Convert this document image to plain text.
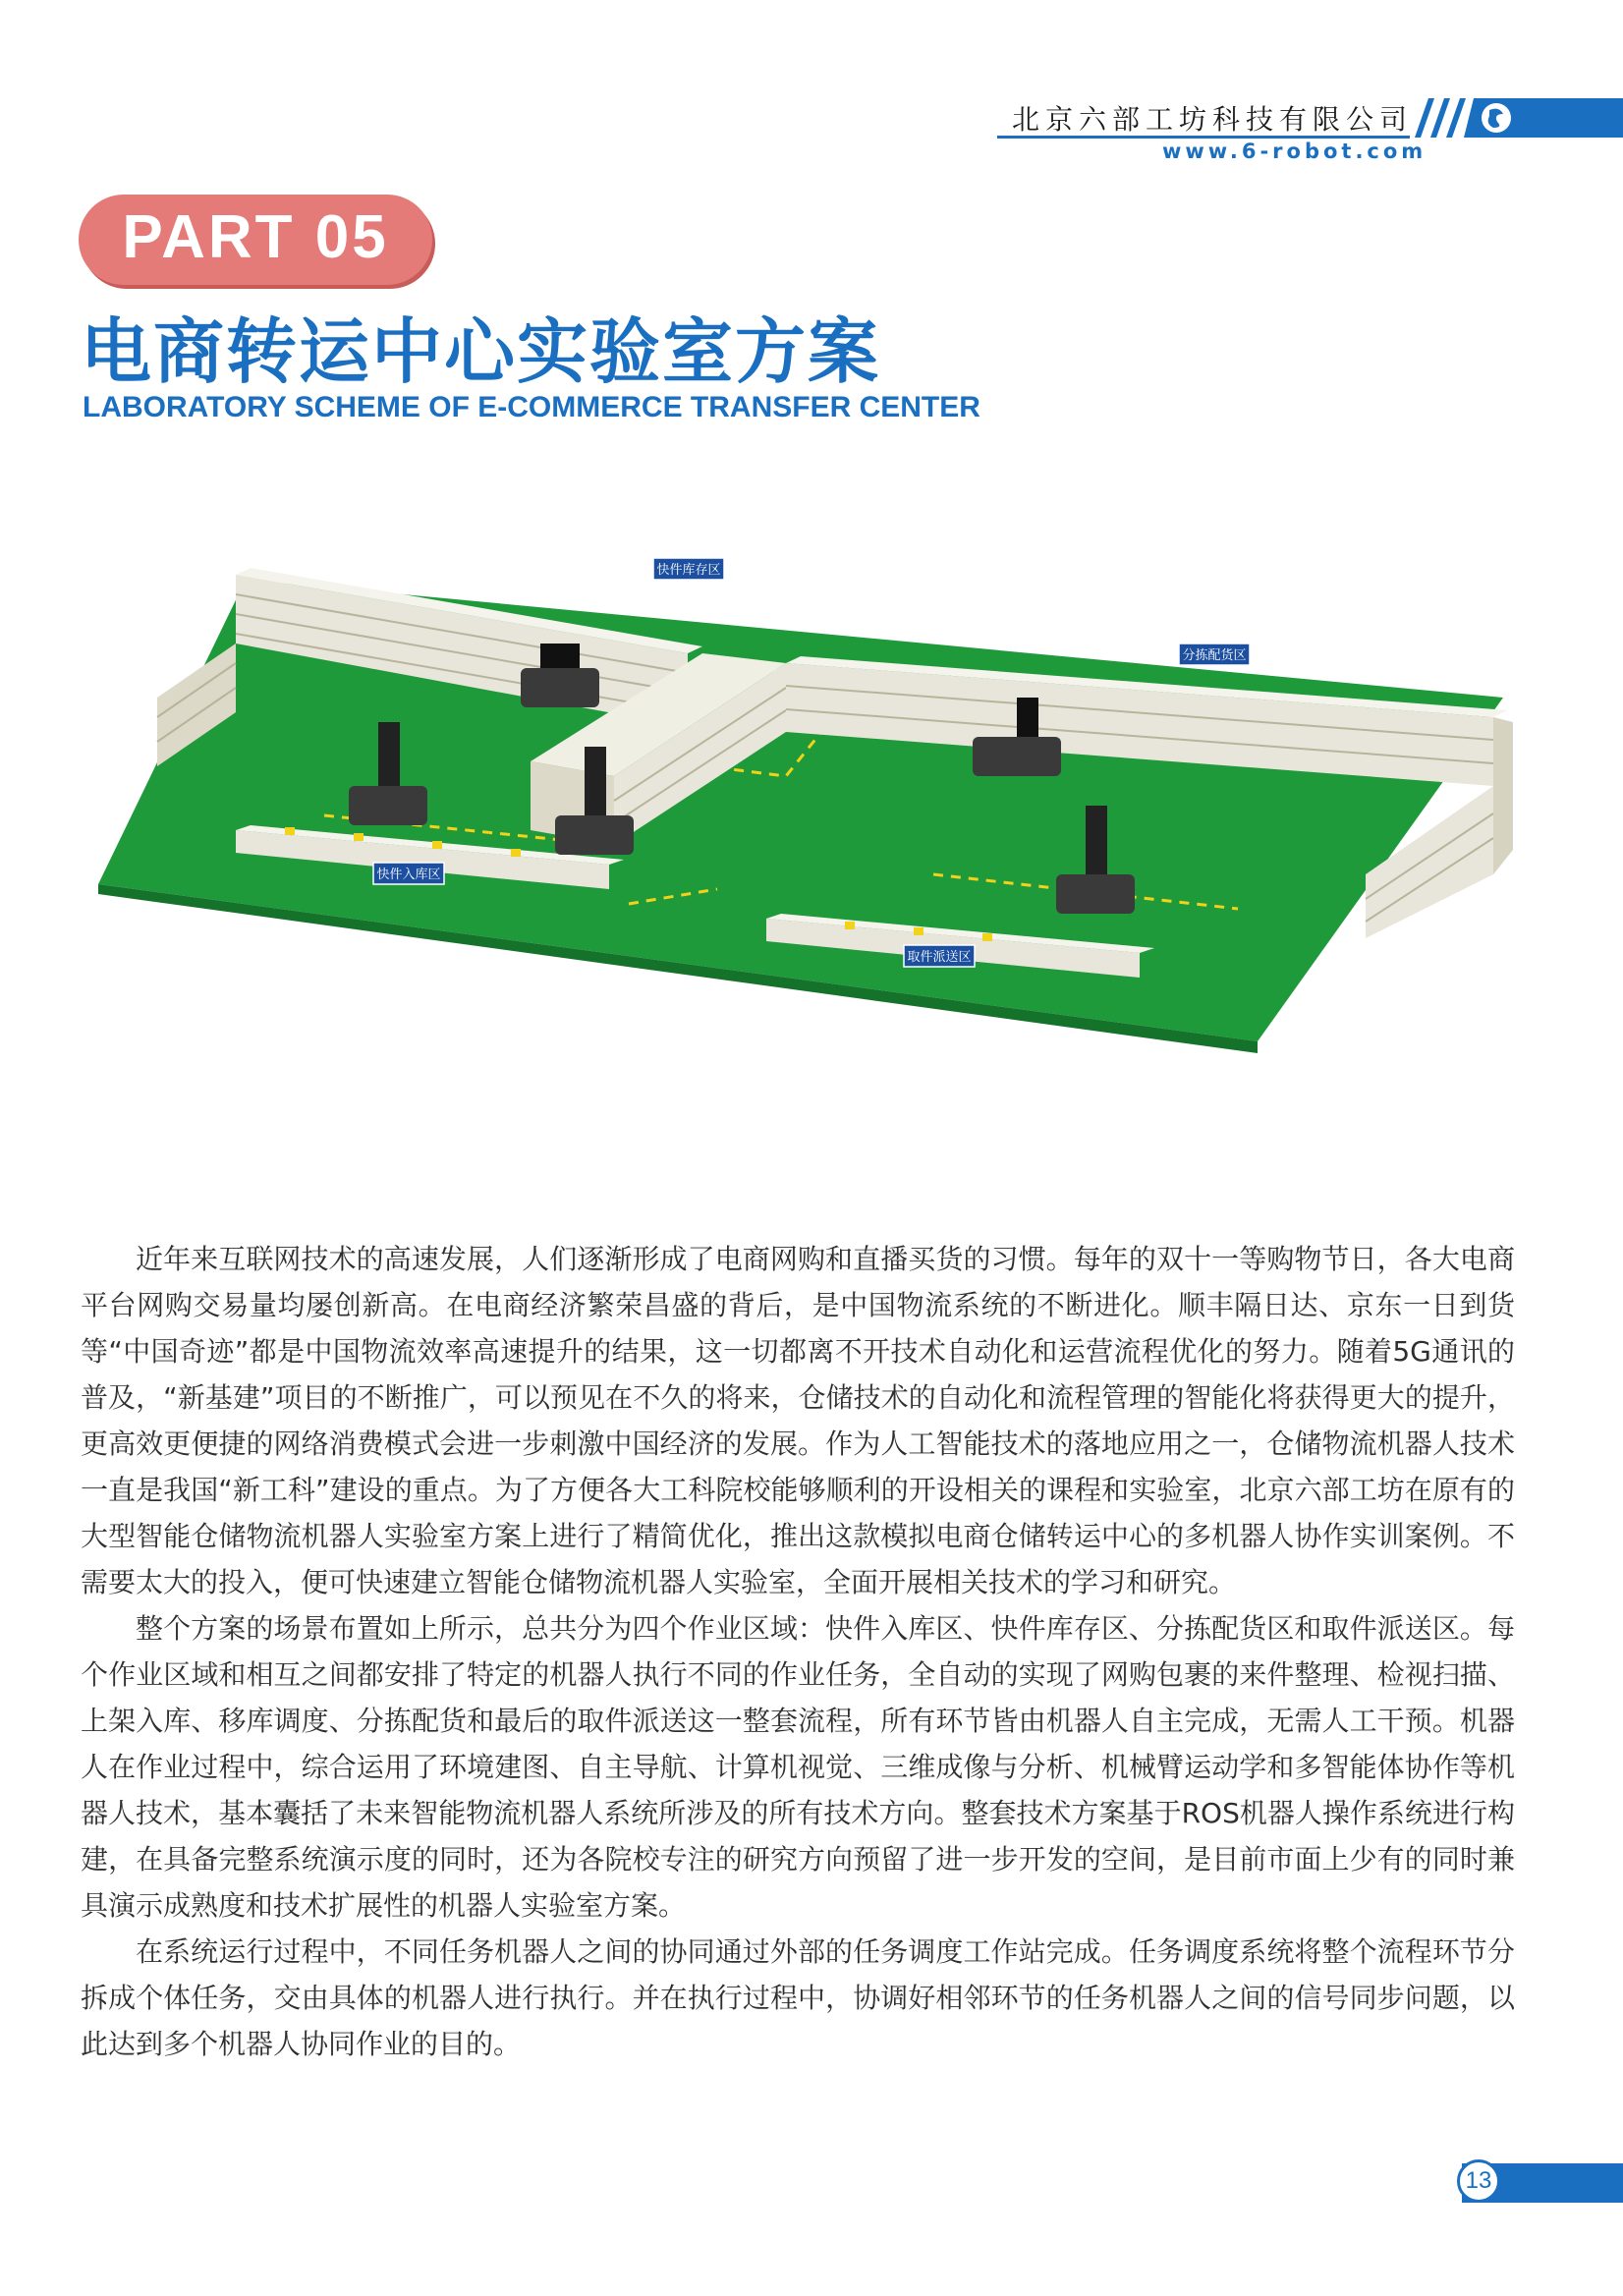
北京六部工坊科技有限公司
www.6-robot.com
PART 05
电商转运中心实验室方案
LABORATORY SCHEME OF E-COMMERCE TRANSFER CENTER
快件库存区
分拣配货区
快件入库区
取件派送区

近年来互联网技术的高速发展，人们逐渐形成了电商网购和直播买货的习惯。每年的双十一等购物节日，各大电商平台网购交易量均屡创新高。在电商经济繁荣昌盛的背后，是中国物流系统的不断进化。顺丰隔日达、京东一日到货等“中国奇迹”都是中国物流效率高速提升的结果，这一切都离不开技术自动化和运营流程优化的努力。随着5G通讯的普及，“新基建”项目的不断推广，可以预见在不久的将来，仓储技术的自动化和流程管理的智能化将获得更大的提升，更高效更便捷的网络消费模式会进一步刺激中国经济的发展。作为人工智能技术的落地应用之一，仓储物流机器人技术一直是我国“新工科”建设的重点。为了方便各大工科院校能够顺利的开设相关的课程和实验室，北京六部工坊在原有的大型智能仓储物流机器人实验室方案上进行了精简优化，推出这款模拟电商仓储转运中心的多机器人协作实训案例。不需要太大的投入，便可快速建立智能仓储物流机器人实验室，全面开展相关技术的学习和研究。

整个方案的场景布置如上所示，总共分为四个作业区域：快件入库区、快件库存区、分拣配货区和取件派送区。每个作业区域和相互之间都安排了特定的机器人执行不同的作业任务，全自动的实现了网购包裹的来件整理、检视扫描、上架入库、移库调度、分拣配货和最后的取件派送这一整套流程，所有环节皆由机器人自主完成，无需人工干预。机器人在作业过程中，综合运用了环境建图、自主导航、计算机视觉、三维成像与分析、机械臂运动学和多智能体协作等机器人技术，基本囊括了未来智能物流机器人系统所涉及的所有技术方向。整套技术方案基于ROS机器人操作系统进行构建，在具备完整系统演示度的同时，还为各院校专注的研究方向预留了进一步开发的空间，是目前市面上少有的同时兼具演示成熟度和技术扩展性的机器人实验室方案。

在系统运行过程中，不同任务机器人之间的协同通过外部的任务调度工作站完成。任务调度系统将整个流程环节分拆成个体任务，交由具体的机器人进行执行。并在执行过程中，协调好相邻环节的任务机器人之间的信号同步问题，以此达到多个机器人协同作业的目的。

13
